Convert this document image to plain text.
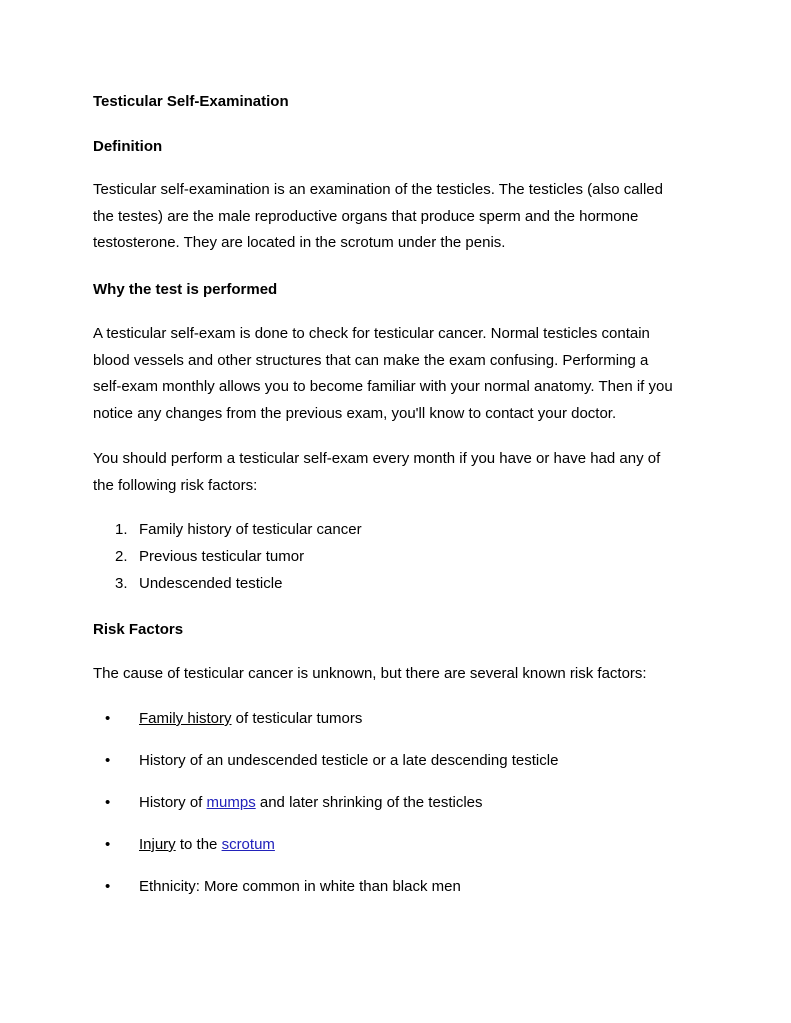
Testicular Self-Examination
Definition

Testicular self-examination is an examination of the testicles. The testicles (also called
the testes) are the male reproductive organs that produce sperm and the hormone
testosterone. They are located in the scrotum under the penis.

Why the test is performed

A testicular self-exam is done to check for testicular cancer. Normal testicles contain
blood vessels and other structures that can make the exam confusing. Performing a
self-exam monthly allows you to become familiar with your normal anatomy. Then if you
notice any changes from the previous exam, you'll know to contact your doctor.

You should perform a testicular self-exam every month if you have or have had any of
the following risk factors:

1. Family history of testicular cancer
2. Previous testicular tumor
3. Undescended testicle
Risk Factors

The cause of testicular cancer is unknown, but there are several known risk factors:

• Family history of testicular tumors
• History of an undescended testicle or a late descending testicle
• History of mumps and later shrinking of the testicles
• Injury to the scrotum
• Ethnicity: More common in white than black men
